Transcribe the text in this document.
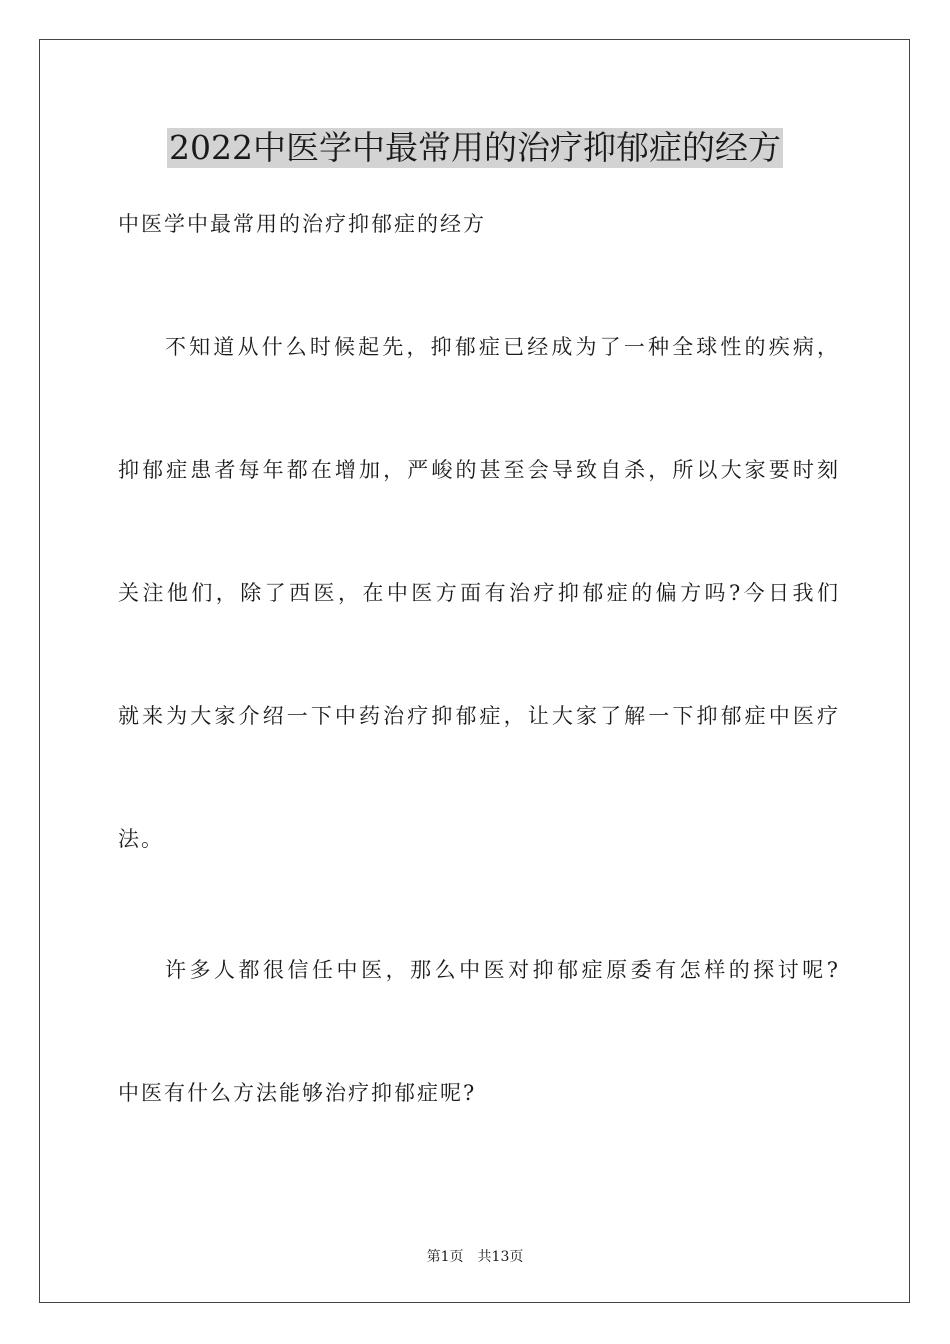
2022中医学中最常用的治疗抑郁症的经方

中医学中最常用的治疗抑郁症的经方

不知道从什么时候起先，抑郁症已经成为了一种全球性的疾病，

抑郁症患者每年都在增加，严峻的甚至会导致自杀，所以大家要时刻

关注他们，除了西医，在中医方面有治疗抑郁症的偏方吗?今日我们

就来为大家介绍一下中药治疗抑郁症，让大家了解一下抑郁症中医疗

法。

许多人都很信任中医，那么中医对抑郁症原委有怎样的探讨呢?

中医有什么方法能够治疗抑郁症呢?

第1页 共13页
